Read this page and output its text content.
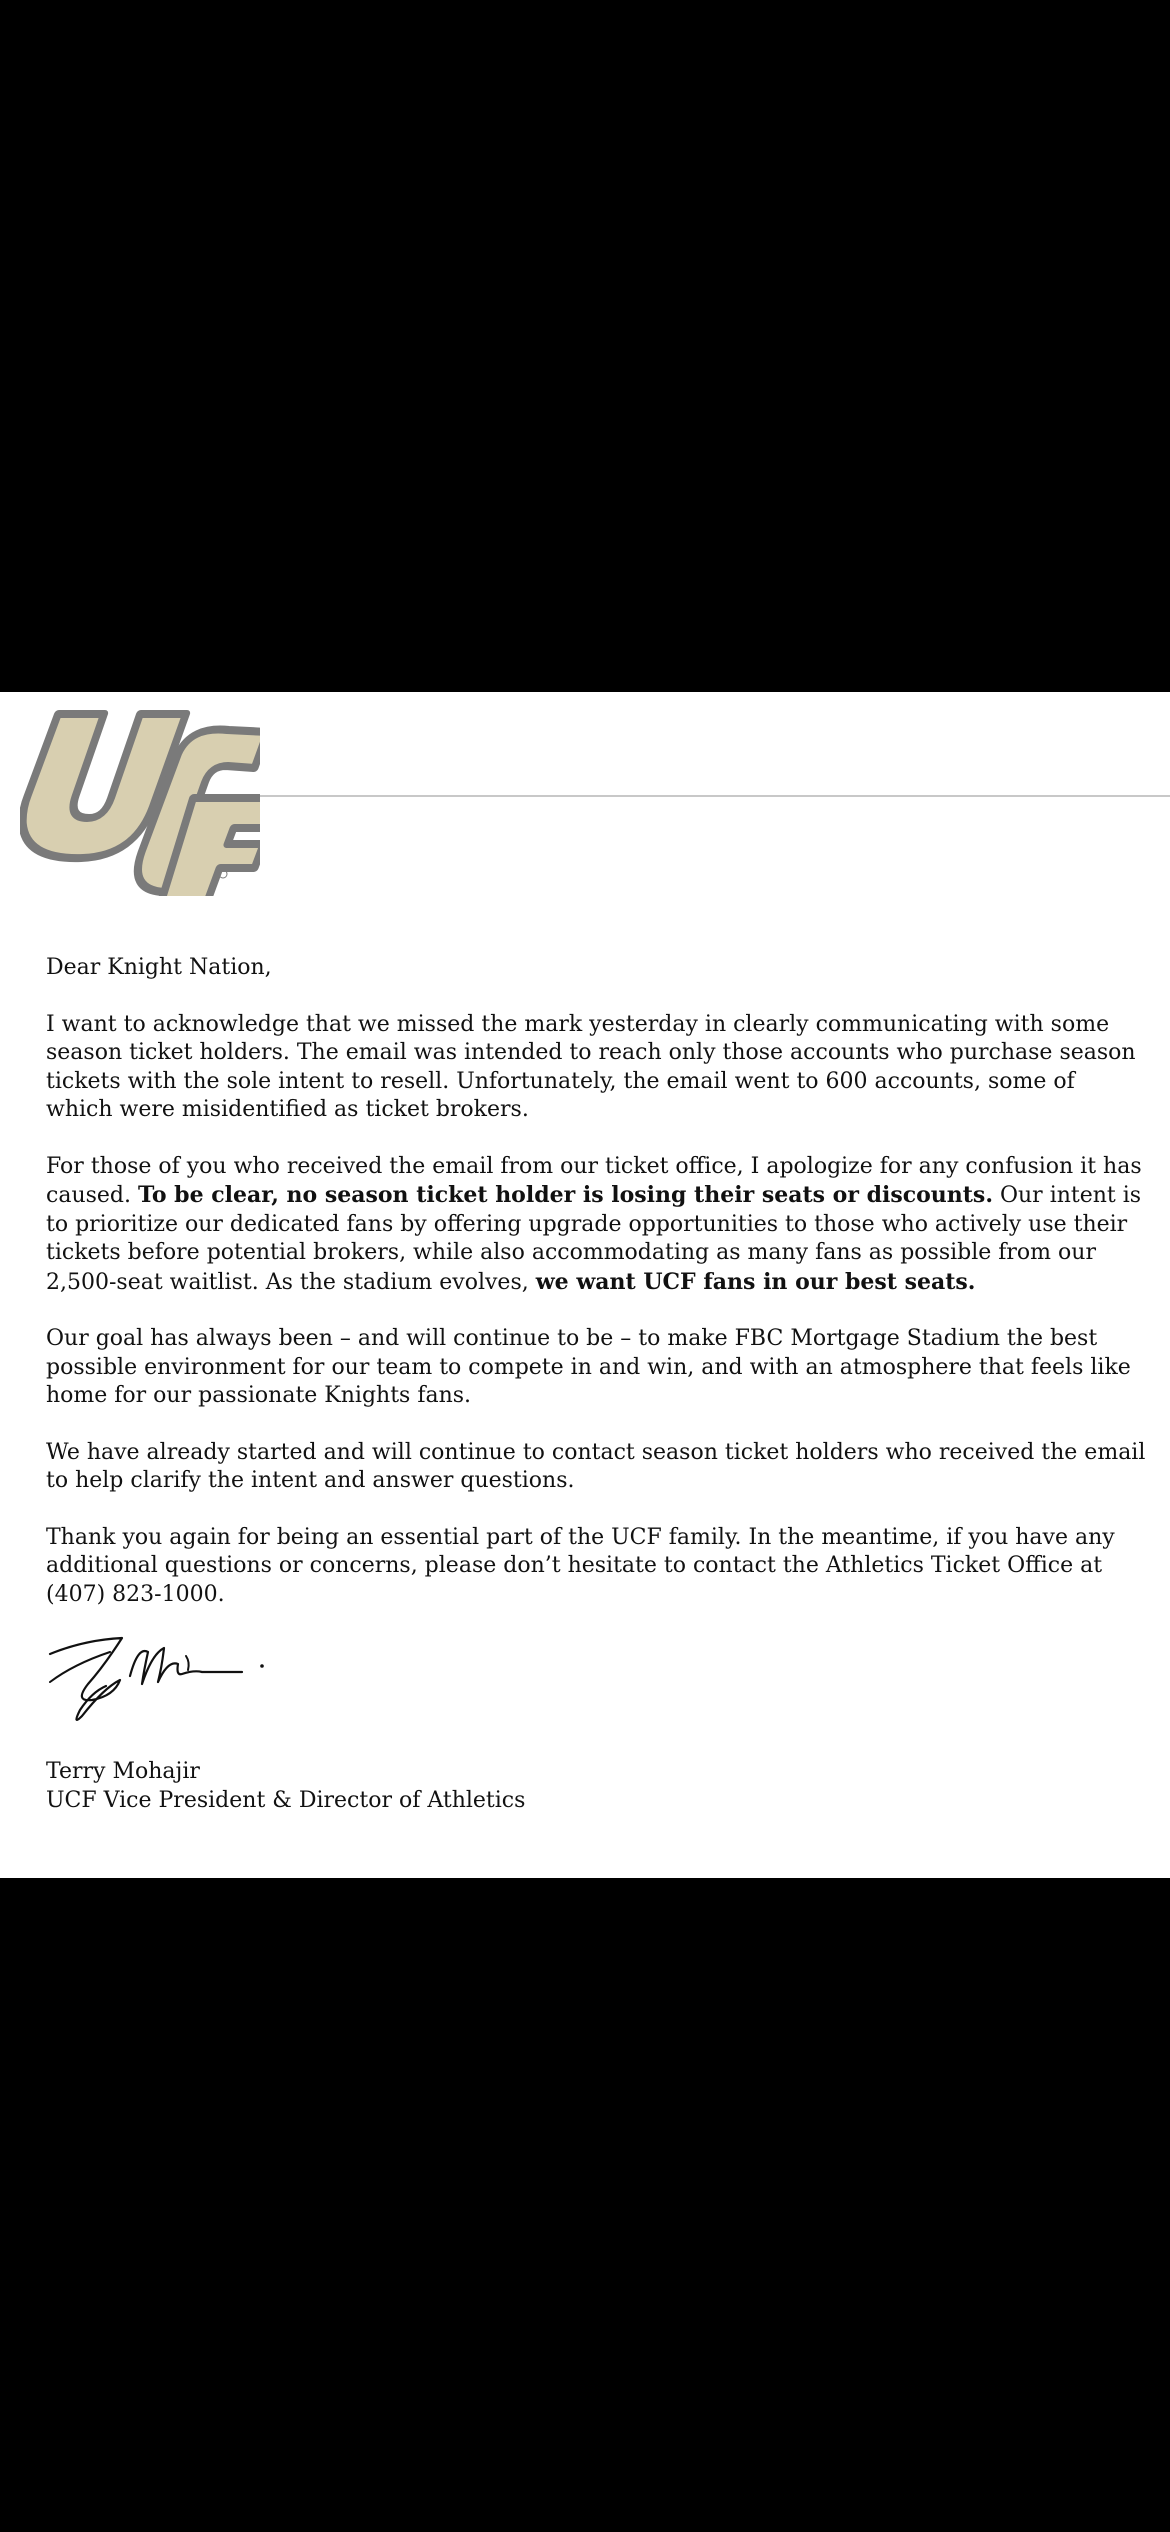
Dear Knight Nation,

I want to acknowledge that we missed the mark yesterday in clearly communicating with some season ticket holders. The email was intended to reach only those accounts who purchase season tickets with the sole intent to resell. Unfortunately, the email went to 600 accounts, some of which were misidentified as ticket brokers.

For those of you who received the email from our ticket office, I apologize for any confusion it has caused. To be clear, no season ticket holder is losing their seats or discounts. Our intent is to prioritize our dedicated fans by offering upgrade opportunities to those who actively use their tickets before potential brokers, while also accommodating as many fans as possible from our 2,500-seat waitlist. As the stadium evolves, we want UCF fans in our best seats.

Our goal has always been – and will continue to be – to make FBC Mortgage Stadium the best possible environment for our team to compete in and win, and with an atmosphere that feels like home for our passionate Knights fans.

We have already started and will continue to contact season ticket holders who received the email to help clarify the intent and answer questions.

Thank you again for being an essential part of the UCF family. In the meantime, if you have any additional questions or concerns, please don’t hesitate to contact the Athletics Ticket Office at (407) 823-1000.

Terry Mohajir
UCF Vice President & Director of Athletics
